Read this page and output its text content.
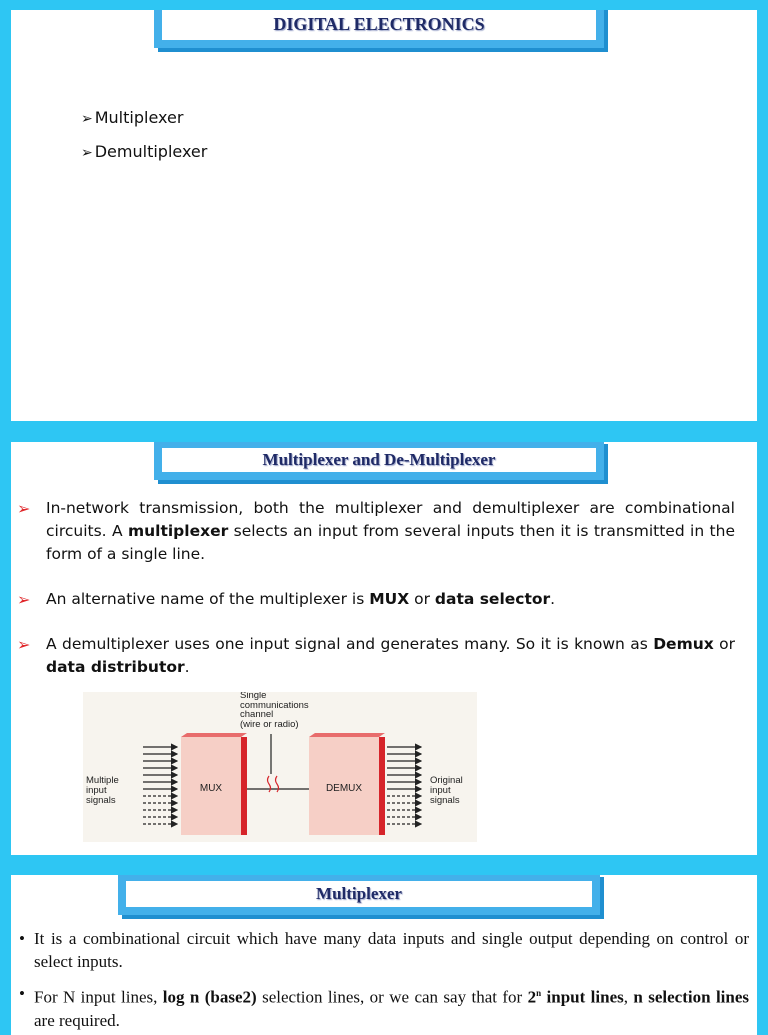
DIGITAL ELECTRONICS
➢ Multiplexer
➢ Demultiplexer
Multiplexer and De-Multiplexer
➢ In-network transmission, both the multiplexer and demultiplexer are combinational circuits. A multiplexer selects an input from several inputs then it is transmitted in the form of a single line.
➢ An alternative name of the multiplexer is MUX or data selector.
➢ A demultiplexer uses one input signal and generates many. So it is known as Demux or data distributor.
MUX	DEMUX
Single
communications
channel
(wire or radio)
Multiple
input
signals
Original
input
signals
Multiplexer
• It is a combinational circuit which have many data inputs and single output depending on control or select inputs.
• For N input lines, log n (base2) selection lines, or we can say that for 2$^n$ input lines, n selection lines are required.
